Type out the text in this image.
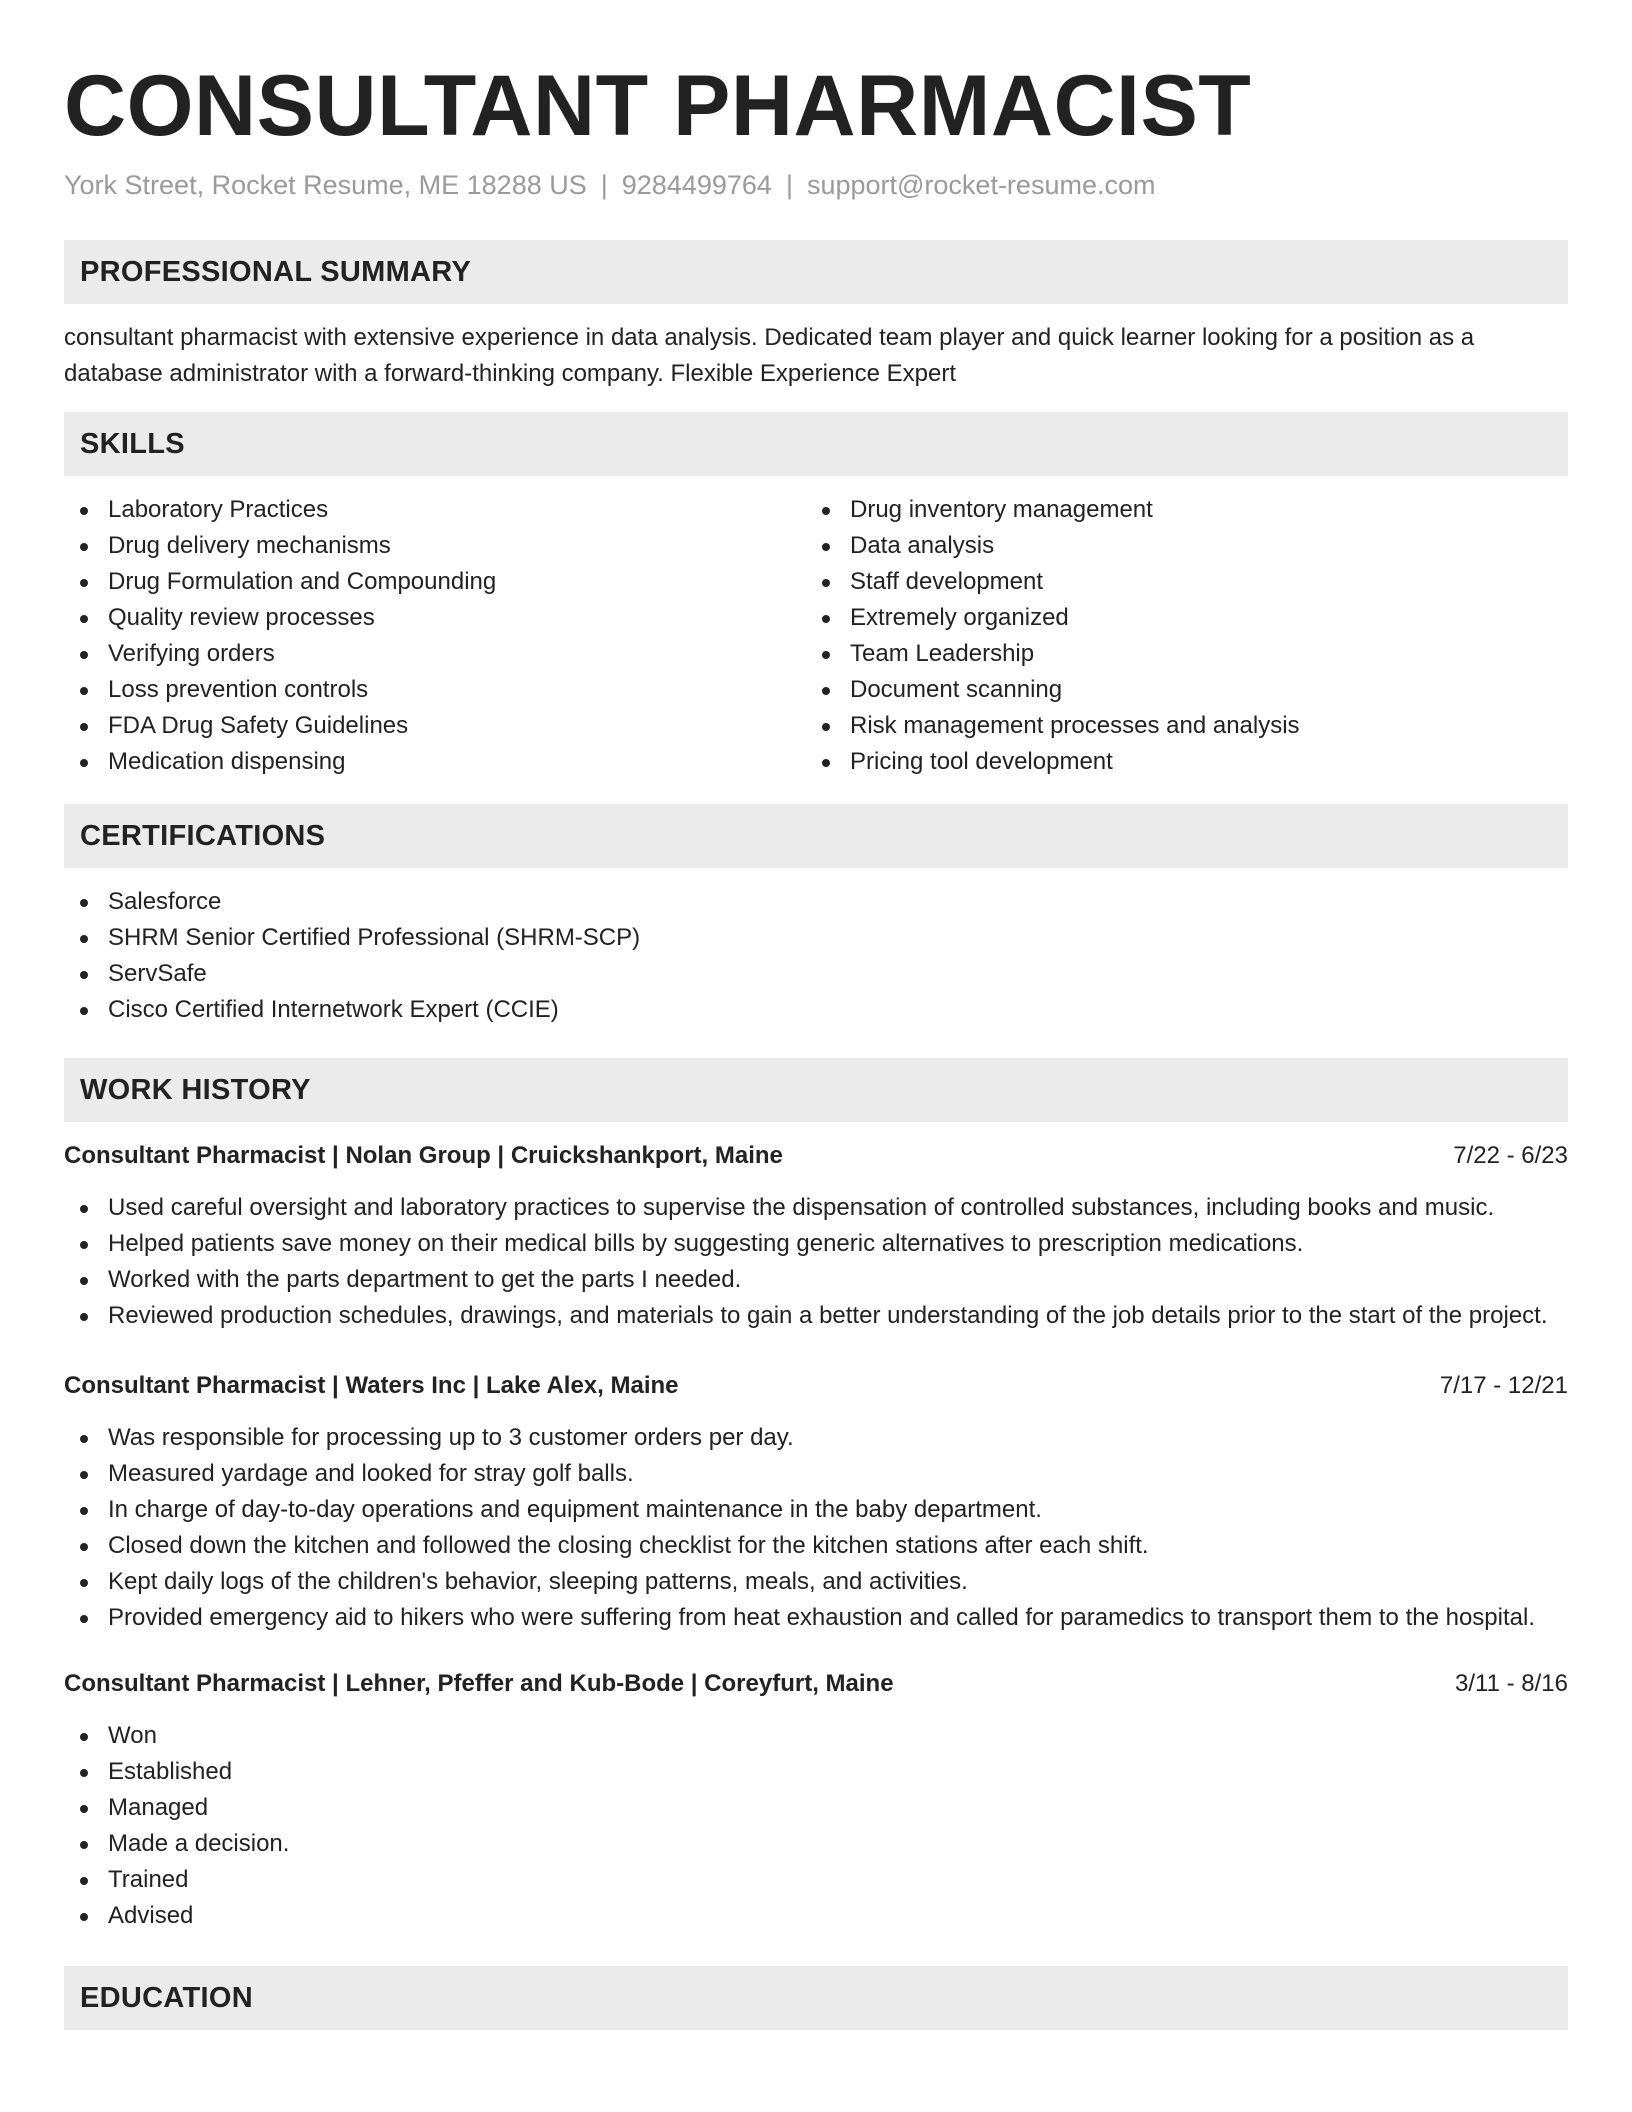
CONSULTANT PHARMACIST
York Street, Rocket Resume, ME 18288 US | 9284499764 | support@rocket-resume.com
PROFESSIONAL SUMMARY

consultant pharmacist with extensive experience in data analysis. Dedicated team player and quick learner looking for a position as a database administrator with a forward-thinking company. Flexible Experience Expert

SKILLS
Laboratory Practices
Drug delivery mechanisms
Drug Formulation and Compounding
Quality review processes
Verifying orders
Loss prevention controls
FDA Drug Safety Guidelines
Medication dispensing
Drug inventory management
Data analysis
Staff development
Extremely organized
Team Leadership
Document scanning
Risk management processes and analysis
Pricing tool development
CERTIFICATIONS
Salesforce
SHRM Senior Certified Professional (SHRM-SCP)
ServSafe
Cisco Certified Internetwork Expert (CCIE)
WORK HISTORY
Consultant Pharmacist | Nolan Group | Cruickshankport, Maine	7/22 - 6/23
Used careful oversight and laboratory practices to supervise the dispensation of controlled substances, including books and music.
Helped patients save money on their medical bills by suggesting generic alternatives to prescription medications.
Worked with the parts department to get the parts I needed.
Reviewed production schedules, drawings, and materials to gain a better understanding of the job details prior to the start of the project.
Consultant Pharmacist | Waters Inc | Lake Alex, Maine	7/17 - 12/21
Was responsible for processing up to 3 customer orders per day.
Measured yardage and looked for stray golf balls.
In charge of day-to-day operations and equipment maintenance in the baby department.
Closed down the kitchen and followed the closing checklist for the kitchen stations after each shift.
Kept daily logs of the children's behavior, sleeping patterns, meals, and activities.
Provided emergency aid to hikers who were suffering from heat exhaustion and called for paramedics to transport them to the hospital.
Consultant Pharmacist | Lehner, Pfeffer and Kub-Bode | Coreyfurt, Maine	3/11 - 8/16
Won
Established
Managed
Made a decision.
Trained
Advised
EDUCATION
